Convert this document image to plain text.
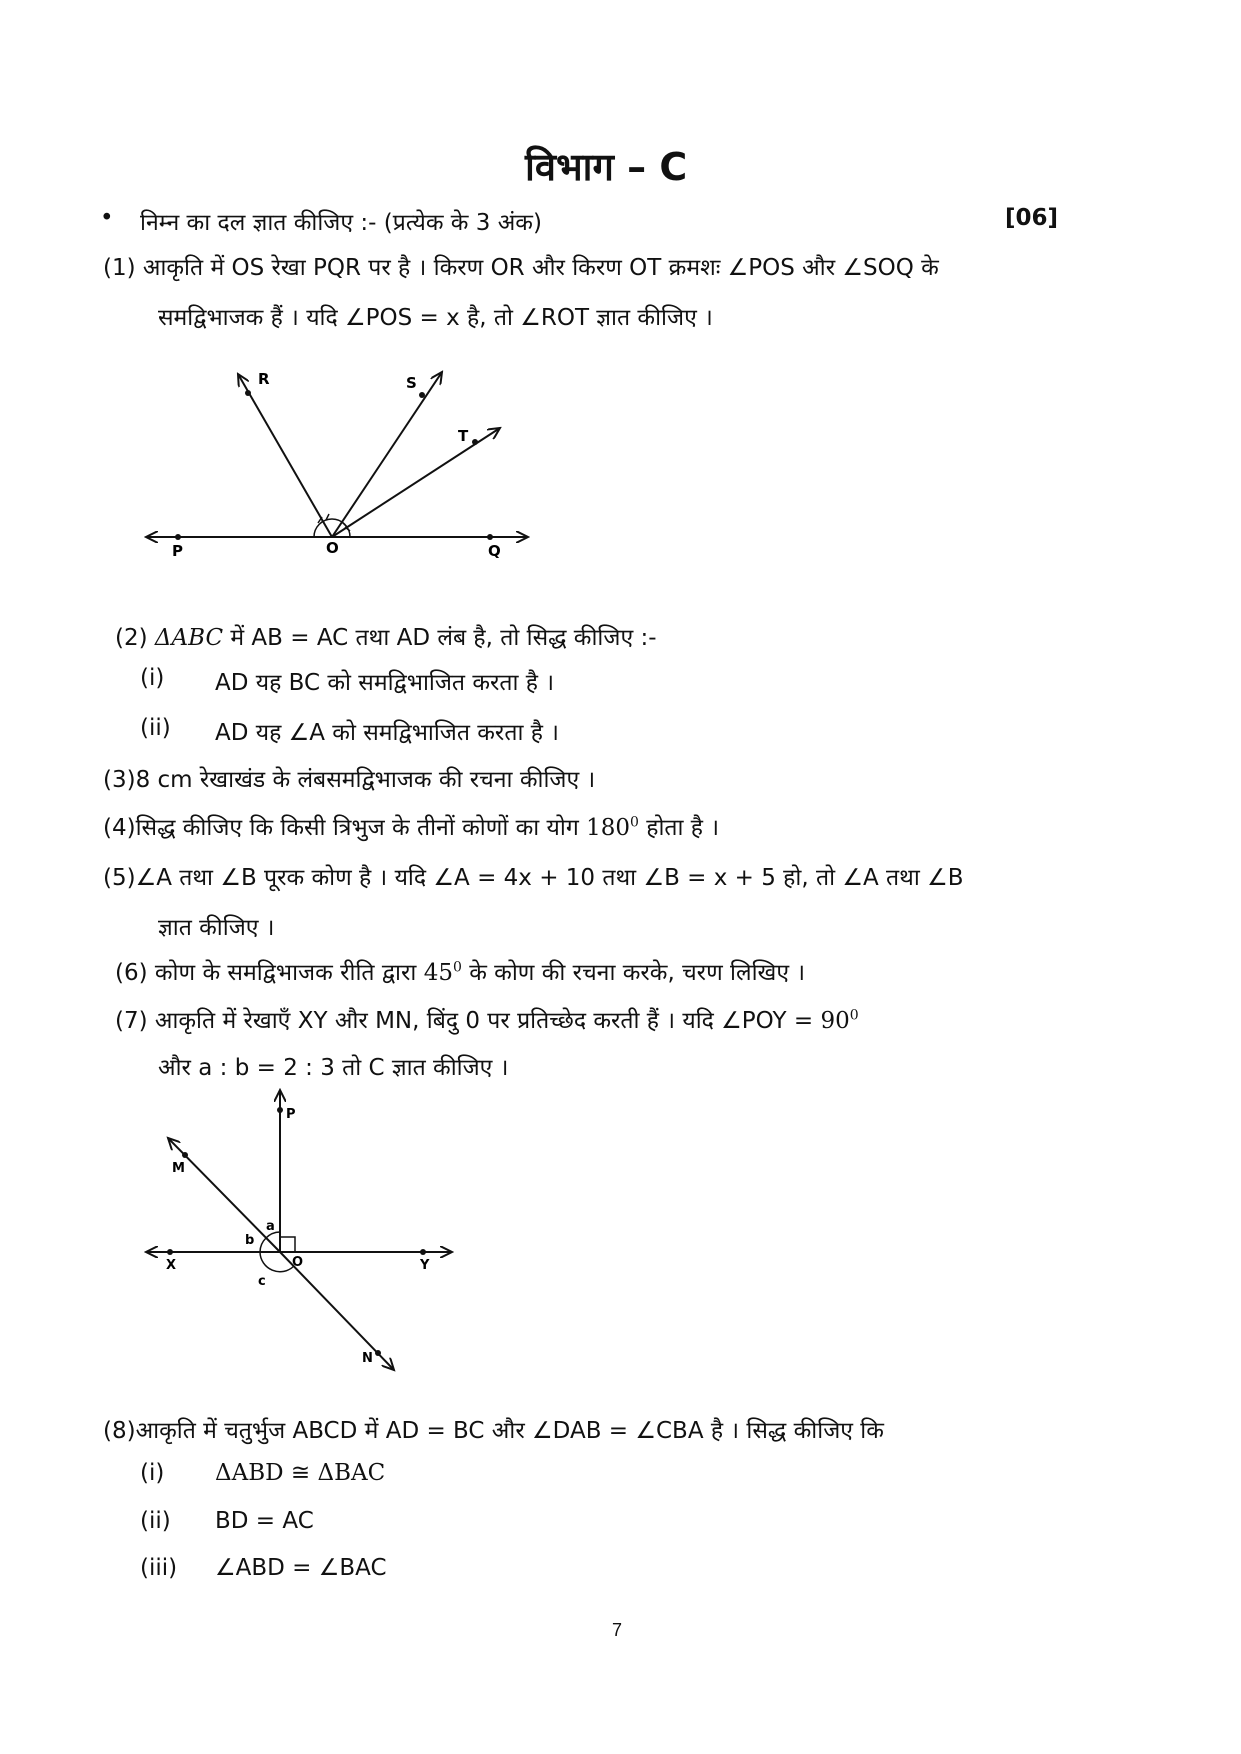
विभाग – C
• निम्न का दल ज्ञात कीजिए :- (प्रत्येक के 3 अंक)	[06]
(1) आकृति में OS रेखा PQR पर है । किरण OR और किरण OT क्रमशः ∠POS और ∠SOQ के
समद्विभाजक हैं । यदि ∠POS = x है, तो ∠ROT ज्ञात कीजिए ।
R	S
T
P	O	Q
(2) ΔABC में AB = AC तथा AD लंब है, तो सिद्ध कीजिए :-
(i) AD यह BC को समद्विभाजित करता है ।
(ii) AD यह ∠A को समद्विभाजित करता है ।
(3)8 cm रेखाखंड के लंबसमद्विभाजक की रचना कीजिए ।
(4)सिद्ध कीजिए कि किसी त्रिभुज के तीनों कोणों का योग $180^0$ होता है ।
(5)∠A तथा ∠B पूरक कोण है । यदि ∠A = 4x + 10 तथा ∠B = x + 5 हो, तो ∠A तथा ∠B
ज्ञात कीजिए ।
(6) कोण के समद्विभाजक रीति द्वारा $45^0$ के कोण की रचना करके, चरण लिखिए ।
(7) आकृति में रेखाएँ XY और MN, बिंदु 0 पर प्रतिच्छेद करती हैं । यदि ∠POY = $90^0$
और a : b = 2 : 3 तो C ज्ञात कीजिए ।
P
M
a
b
X	O	Y
c
N
(8)आकृति में चतुर्भुज ABCD में AD = BC और ∠DAB = ∠CBA है । सिद्ध कीजिए कि
(i) ΔABD ≅ ΔBAC
(ii) BD = AC
(iii) ∠ABD = ∠BAC
7
